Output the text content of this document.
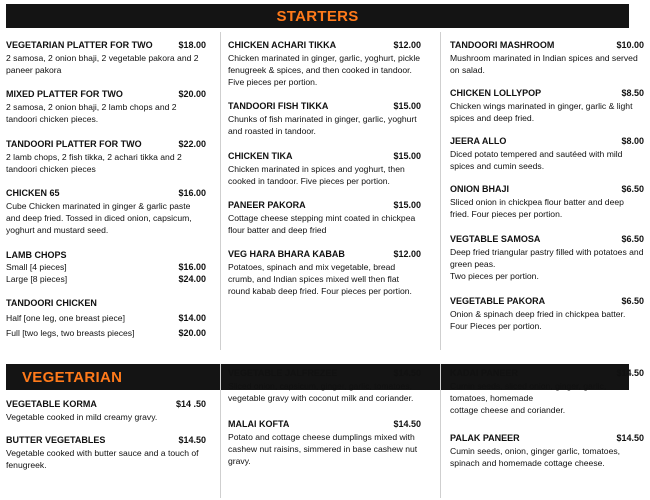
STARTERS
VEGETARIAN
VEGETARIAN PLATTER FOR TWO	$18.00
2 samosa, 2 onion bhaji, 2 vegetable pakora and 2 paneer pakora
MIXED PLATTER FOR TWO	$20.00
2 samosa, 2 onion bhaji, 2 lamb chops and 2 tandoori chicken pieces.
TANDOORI PLATTER FOR TWO	$22.00
2 lamb chops, 2 fish tikka, 2 achari tikka and 2 tandoori chicken pieces
CHICKEN 65	$16.00
Cube Chicken marinated in ginger & garlic paste and deep fried. Tossed in diced onion, capsicum, yoghurt and mustard seed.
LAMB CHOPS
Small [4 pieces]	$16.00
Large [8 pieces]	$24.00
TANDOORI CHICKEN
Half [one leg, one breast piece]	$14.00
Full [two legs, two breasts pieces]	$20.00
CHICKEN ACHARI TIKKA	$12.00
Chicken marinated in ginger, garlic, yoghurt, pickle fenugreek & spices, and then cooked in tandoor. Five pieces per portion.
TANDOORI FISH TIKKA	$15.00
Chunks of fish marinated in ginger, garlic, yoghurt and roasted in tandoor.
CHICKEN TIKA	$15.00
Chicken marinated in spices and yoghurt, then cooked in tandoor. Five pieces per portion.
PANEER PAKORA	$15.00
Cottage cheese stepping mint coated in chickpea flour batter and deep fried
VEG HARA BHARA KABAB	$12.00
Potatoes, spinach and mix vegetable, bread crumb, and Indian spices mixed well then flat round kabab deep fried. Four pieces per portion.
TANDOORI MASHROOM	$10.00
Mushroom marinated in Indian spices and served on salad.
CHICKEN LOLLYPOP	$8.50
Chicken wings marinated in ginger, garlic & light spices and deep fried.
JEERA ALLO	$8.00
Diced potato tempered and sautéed with mild spices and cumin seeds.
ONION BHAJI	$6.50
Sliced onion in chickpea flour batter and deep fried. Four pieces per portion.
VEGTABLE SAMOSA	$6.50
Deep fried triangular pastry filled with potatoes and green peas.
Two pieces per portion.
VEGETABLE PAKORA	$6.50
Onion & spinach deep fried in chickpea batter. Four Pieces per portion.
VEGETABLE KORMA	$14 .50
Vegetable cooked in mild creamy gravy.
BUTTER VEGETABLES	$14.50
Vegetable cooked with butter sauce and a touch of fenugreek.
VEGETABLE JALFREZEE	$14.50
Sliced onion, capsicum, ginger, garlic, tomatoes, vegetable gravy with coconut milk and coriander.
MALAI KOFTA	$14.50
Potato and cottage cheese dumplings mixed with cashew nut raisins, simmered in base cashew nut gravy.
KADAI PANEER	$14.50
Cumin seeds, sliced onion, ginger, garlic, tomatoes, homemade
cottage cheese and coriander.
PALAK PANEER	$14.50
Cumin seeds, onion, ginger garlic, tomatoes, spinach and homemade cottage cheese.
